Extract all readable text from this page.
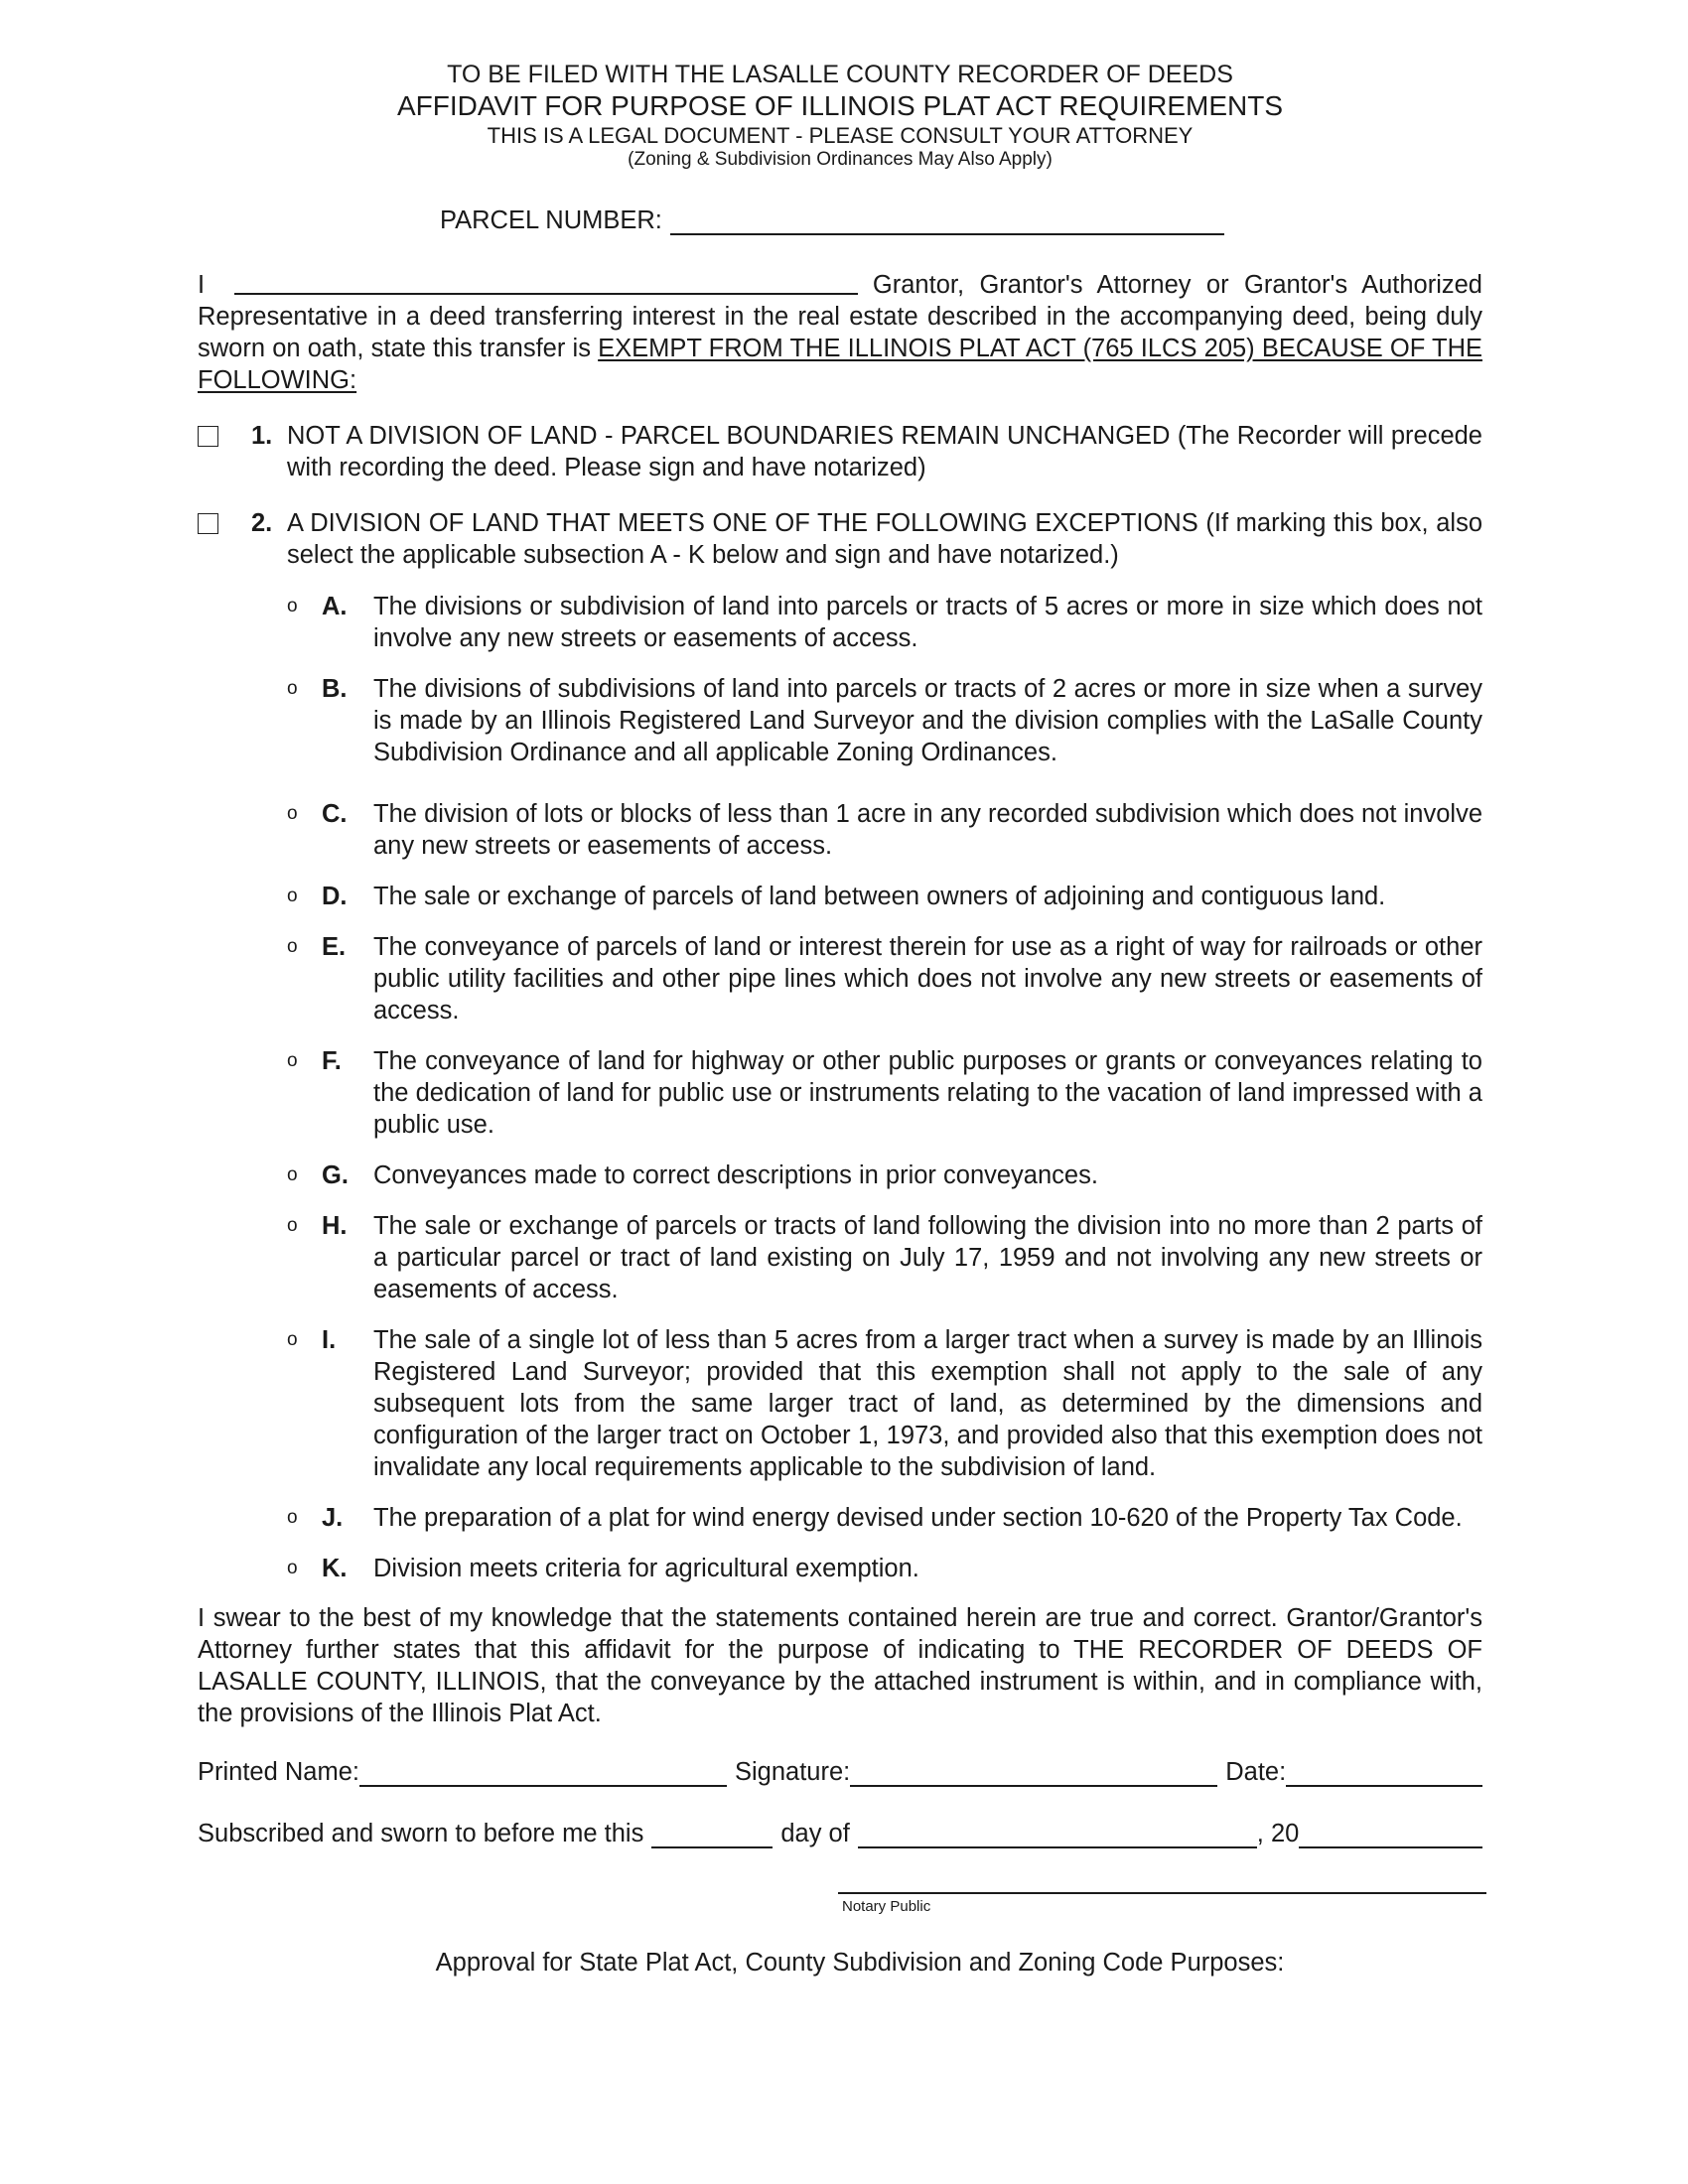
TO BE FILED WITH THE LASALLE COUNTY RECORDER OF DEEDS
AFFIDAVIT FOR PURPOSE OF ILLINOIS PLAT ACT REQUIREMENTS
THIS IS A LEGAL DOCUMENT - PLEASE CONSULT YOUR ATTORNEY
(Zoning & Subdivision Ordinances May Also Apply)
PARCEL NUMBER:
I	Grantor, Grantor's Attorney or Grantor's Authorized Representative in a deed transferring interest in the real estate described in the accompanying deed, being duly sworn on oath, state this transfer is EXEMPT FROM THE ILLINOIS PLAT ACT (765 ILCS 205) BECAUSE OF THE FOLLOWING:
1. NOT A DIVISION OF LAND - PARCEL BOUNDARIES REMAIN UNCHANGED (The Recorder will precede with recording the deed. Please sign and have notarized)
2. A DIVISION OF LAND THAT MEETS ONE OF THE FOLLOWING EXCEPTIONS (If marking this box, also select the applicable subsection A - K below and sign and have notarized.)
o A.	The divisions or subdivision of land into parcels or tracts of 5 acres or more in size which does not involve any new streets or easements of access.
o B.	The divisions of subdivisions of land into parcels or tracts of 2 acres or more in size when a survey is made by an Illinois Registered Land Surveyor and the division complies with the LaSalle County Subdivision Ordinance and all applicable Zoning Ordinances.
o C.	The division of lots or blocks of less than 1 acre in any recorded subdivision which does not involve any new streets or easements of access.
o D.	The sale or exchange of parcels of land between owners of adjoining and contiguous land.
o E.	The conveyance of parcels of land or interest therein for use as a right of way for railroads or other public utility facilities and other pipe lines which does not involve any new streets or easements of access.
o F.	The conveyance of land for highway or other public purposes or grants or conveyances relating to the dedication of land for public use or instruments relating to the vacation of land impressed with a public use.
o G. Conveyances made to correct descriptions in prior conveyances.
o H.	The sale or exchange of parcels or tracts of land following the division into no more than 2 parts of a particular parcel or tract of land existing on July 17, 1959 and not involving any new streets or easements of access.
o I.	The sale of a single lot of less than 5 acres from a larger tract when a survey is made by an Illinois Registered Land Surveyor; provided that this exemption shall not apply to the sale of any subsequent lots from the same larger tract of land, as determined by the dimensions and configuration of the larger tract on October 1, 1973, and provided also that this exemption does not invalidate any local requirements applicable to the subdivision of land.
o J.	The preparation of a plat for wind energy devised under section 10-620 of the Property Tax Code.
o K.	Division meets criteria for agricultural exemption.
I swear to the best of my knowledge that the statements contained herein are true and correct. Grantor/Grantor's Attorney further states that this affidavit for the purpose of indicating to THE RECORDER OF DEEDS OF LASALLE COUNTY, ILLINOIS, that the conveyance by the attached instrument is within, and in compliance with, the provisions of the Illinois Plat Act.
Printed Name:	Signature:	Date:
Subscribed and sworn to before me this	day of	, 20
Notary Public
Approval for State Plat Act, County Subdivision and Zoning Code Purposes:
